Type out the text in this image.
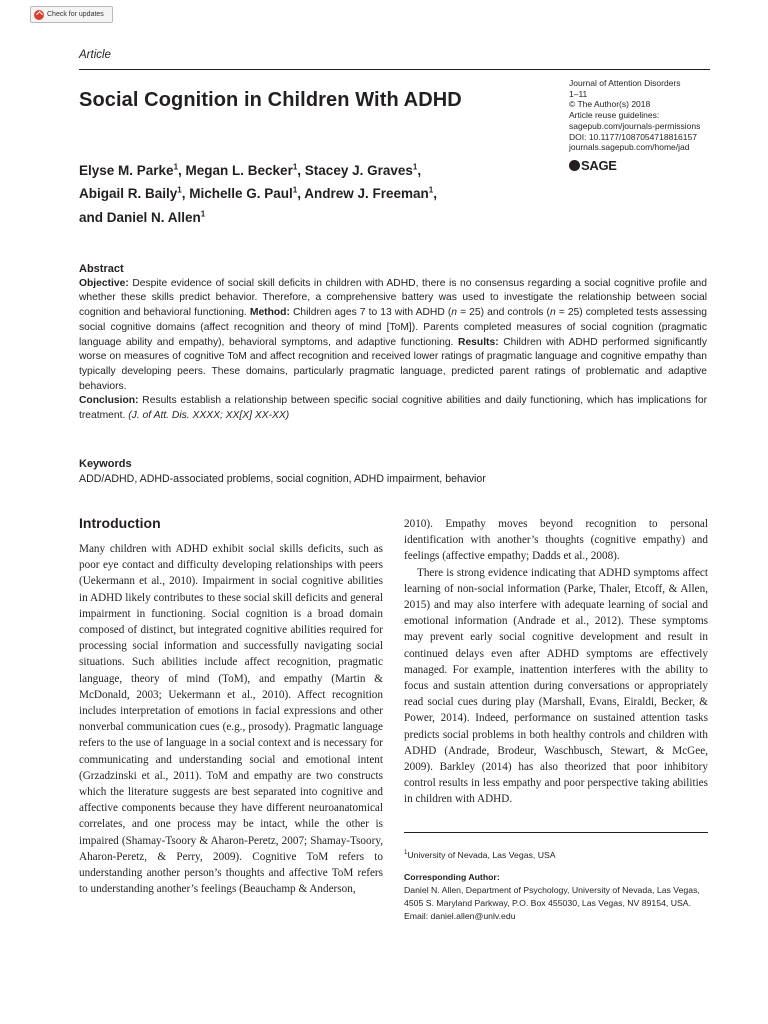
Check for updates
Article
Social Cognition in Children With ADHD
Journal of Attention Disorders
1–11
© The Author(s) 2018
Article reuse guidelines:
sagepub.com/journals-permissions
DOI: 10.1177/1087054718816157
journals.sagepub.com/home/jad
SAGE
Elyse M. Parke$^1$, Megan L. Becker$^1$, Stacey J. Graves$^1$,
Abigail R. Baily$^1$, Michelle G. Paul$^1$, Andrew J. Freeman$^1$,
and Daniel N. Allen$^1$
Abstract
Objective: Despite evidence of social skill deficits in children with ADHD, there is no consensus regarding a social cognitive profile and whether these skills predict behavior. Therefore, a comprehensive battery was used to investigate the relationship between social cognition and behavioral functioning. Method: Children ages 7 to 13 with ADHD (n = 25) and controls (n = 25) completed tests assessing social cognitive domains (affect recognition and theory of mind [ToM]). Parents completed measures of social cognition (pragmatic language ability and empathy), behavioral symptoms, and adaptive functioning. Results: Children with ADHD performed significantly worse on measures of cognitive ToM and affect recognition and received lower ratings of pragmatic language and cognitive empathy than typically developing peers. These domains, particularly pragmatic language, predicted parent ratings of problematic and adaptive behaviors.
Conclusion: Results establish a relationship between specific social cognitive abilities and daily functioning, which has implications for treatment. (J. of Att. Dis. XXXX; XX[X] XX-XX)
Keywords
ADD/ADHD, ADHD-associated problems, social cognition, ADHD impairment, behavior
Introduction

Many children with ADHD exhibit social skills deficits, such as poor eye contact and difficulty developing relationships with peers (Uekermann et al., 2010). Impairment in social cognitive abilities in ADHD likely contributes to these social skill deficits and general impairment in functioning. Social cognition is a broad domain composed of distinct, but integrated cognitive abilities required for processing social information and successfully navigating social situations. Such abilities include affect recognition, pragmatic language, theory of mind (ToM), and empathy (Martin & McDonald, 2003; Uekermann et al., 2010). Affect recognition includes interpretation of emotions in facial expressions and other nonverbal communication cues (e.g., prosody). Pragmatic language refers to the use of language in a social context and is necessary for communicating and understanding social and emotional intent (Grzadzinski et al., 2011). ToM and empathy are two constructs which the literature suggests are best separated into cognitive and affective components because they have different neuroanatomical correlates, and one process may be intact, while the other is impaired (Shamay-Tsoory & Aharon-Peretz, 2007; Shamay-Tsoory, Aharon-Peretz, & Perry, 2009). Cognitive ToM refers to understanding another person’s thoughts and affective ToM refers to understanding another’s feelings (Beauchamp & Anderson,

2010). Empathy moves beyond recognition to personal identification with another’s thoughts (cognitive empathy) and feelings (affective empathy; Dadds et al., 2008).

There is strong evidence indicating that ADHD symptoms affect learning of non-social information (Parke, Thaler, Etcoff, & Allen, 2015) and may also interfere with adequate learning of social and emotional information (Andrade et al., 2012). These symptoms may prevent early social cognitive development and result in continued delays even after ADHD symptoms are effectively managed. For example, inattention interferes with the ability to focus and sustain attention during conversations or appropriately read social cues during play (Marshall, Evans, Eiraldi, Becker, & Power, 2014). Indeed, performance on sustained attention tasks predicts social problems in both healthy controls and children with ADHD (Andrade, Brodeur, Waschbusch, Stewart, & McGee, 2009). Barkley (2014) has also theorized that poor inhibitory control results in less empathy and poor perspective taking abilities in children with ADHD.

$^1$University of Nevada, Las Vegas, USA
Corresponding Author:
Daniel N. Allen, Department of Psychology, University of Nevada, Las Vegas, 4505 S. Maryland Parkway, P.O. Box 455030, Las Vegas, NV 89154, USA.
Email: daniel.allen@unlv.edu
